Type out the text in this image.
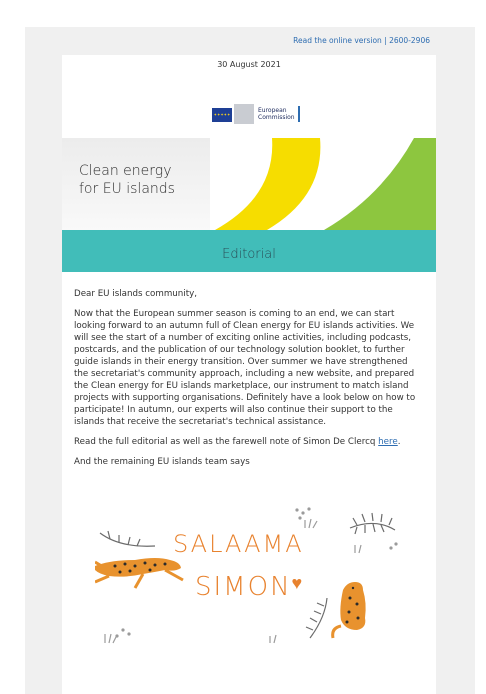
Read the online version | 2600-2906
30 August 2021
✦✦✦✦✦
European
Commission
Clean energy
for EU islands
Editorial

Dear EU islands community,

Now that the European summer season is coming to an end, we can start looking forward to an autumn full of Clean energy for EU islands activities. We will see the start of a number of exciting online activities, including podcasts, postcards, and the publication of our technology solution booklet, to further guide islands in their energy transition. Over summer we have strengthened the secretariat's community approach, including a new website, and prepared the Clean energy for EU islands marketplace, our instrument to match island projects with supporting organisations. Definitely have a look below on how to participate! In autumn, our experts will also continue their support to the islands that receive the secretariat's technical assistance.

Read the full editorial as well as the farewell note of Simon De Clercq here.

And the remaining EU islands team says

SALAAMA
SIMON♥
